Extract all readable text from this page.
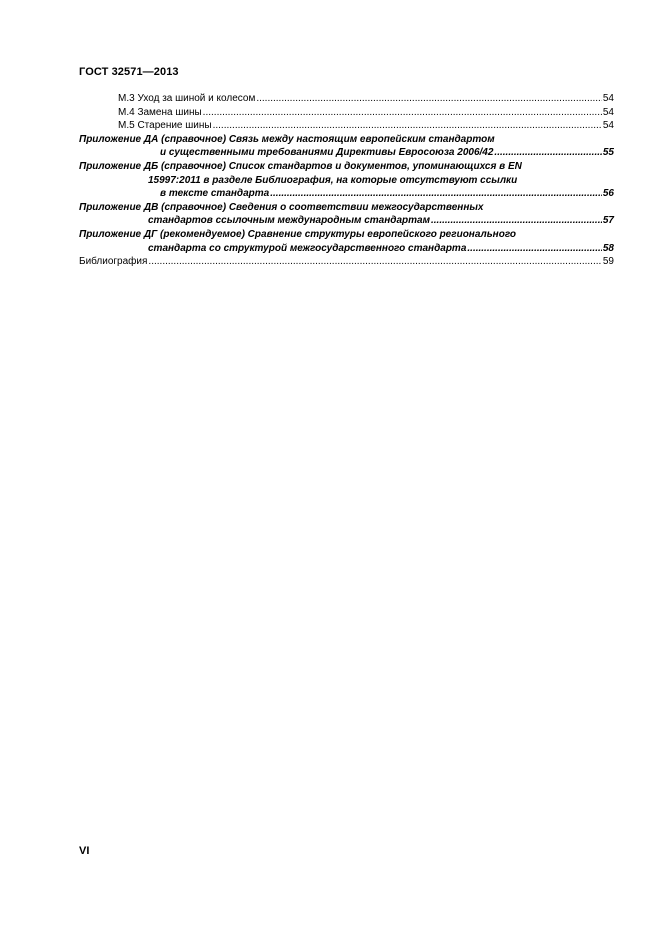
ГОСТ 32571—2013
М.3 Уход за шиной и колесом .....	54
М.4 Замена шины .....	54
М.5 Старение шины .....	54
Приложение ДА (справочное) Связь между настоящим европейским стандартом
и существенными требованиями Директивы Евросоюза 2006/42 .....	55
Приложение ДБ (справочное) Список стандартов и документов, упоминающихся в EN
15997:2011 в разделе Библиография, на которые отсутствуют ссылки
в тексте стандарта .....	56
Приложение ДВ (справочное) Сведения о соответствии межгосударственных
стандартов ссылочным международным стандартам .....	57
Приложение ДГ (рекомендуемое) Сравнение структуры европейского регионального
стандарта со структурой межгосударственного стандарта .....	58
Библиография .....	59
VI
